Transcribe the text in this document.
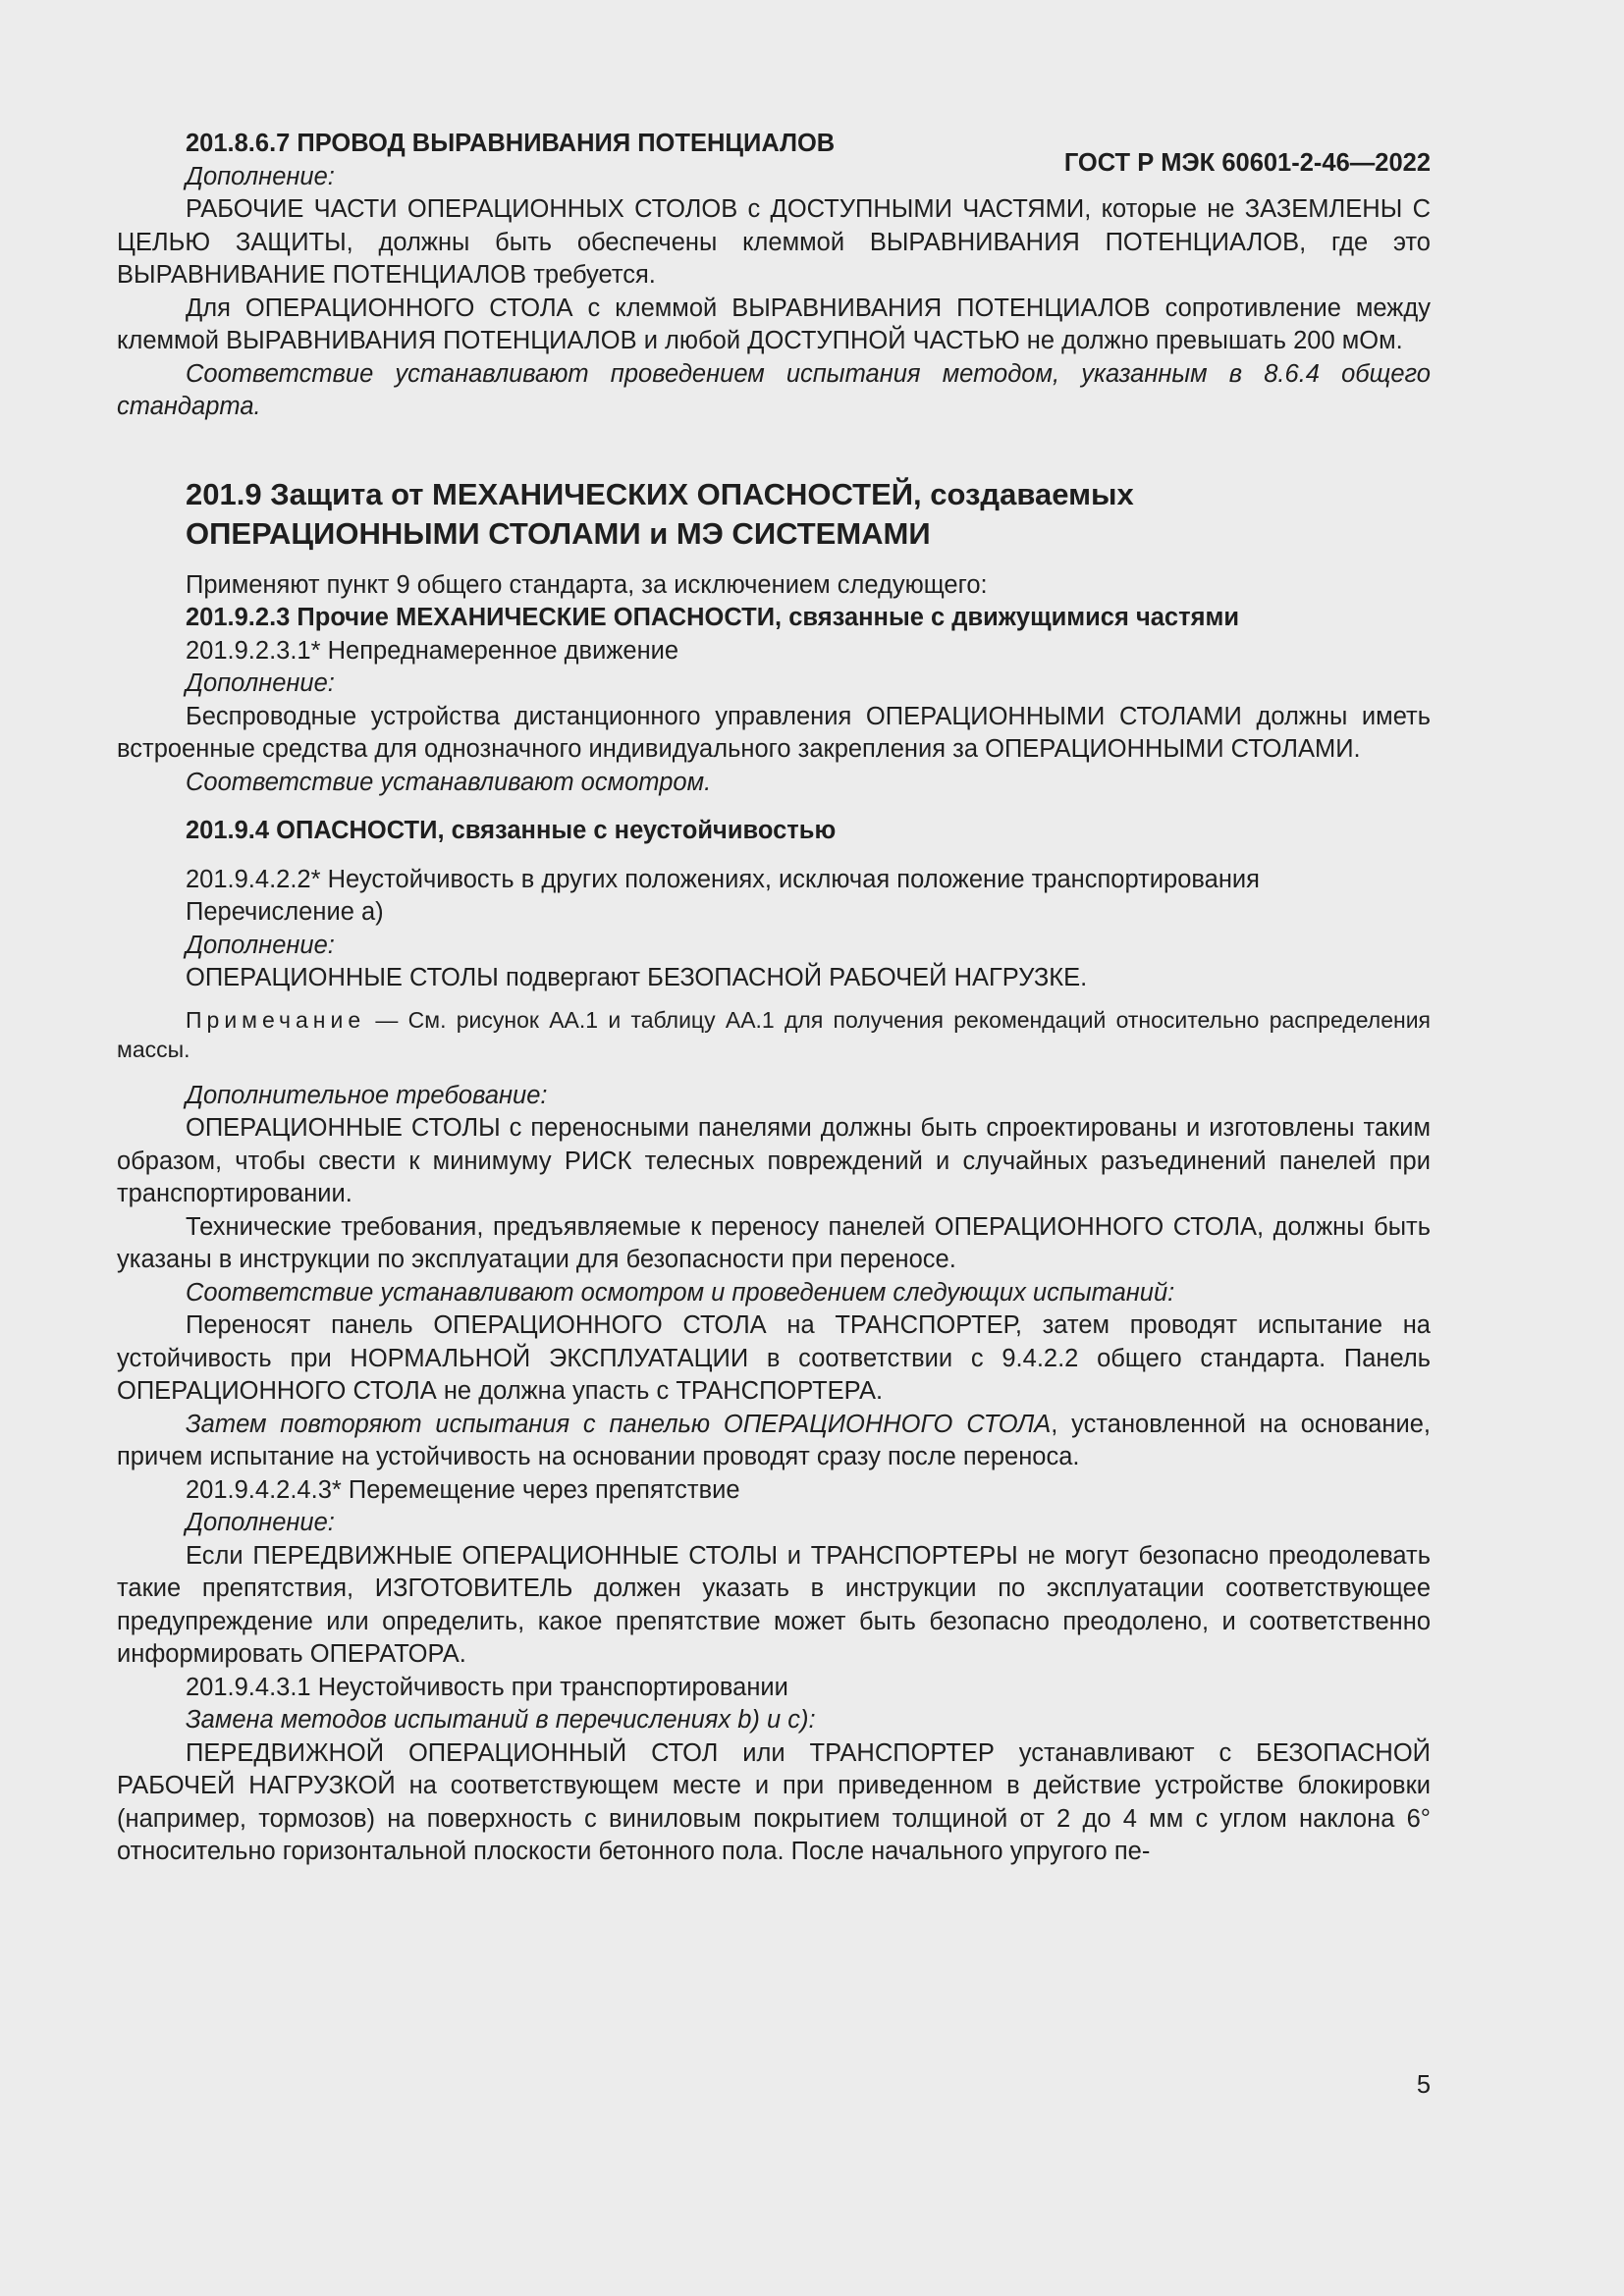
ГОСТ Р МЭК 60601-2-46—2022

201.8.6.7 ПРОВОД ВЫРАВНИВАНИЯ ПОТЕНЦИАЛОВ

Дополнение:

РАБОЧИЕ ЧАСТИ ОПЕРАЦИОННЫХ СТОЛОВ с ДОСТУПНЫМИ ЧАСТЯМИ, которые не ЗАЗЕМЛЕНЫ С ЦЕЛЬЮ ЗАЩИТЫ, должны быть обеспечены клеммой ВЫРАВНИВАНИЯ ПОТЕНЦИАЛОВ, где это ВЫРАВНИВАНИЕ ПОТЕНЦИАЛОВ требуется.

Для ОПЕРАЦИОННОГО СТОЛА с клеммой ВЫРАВНИВАНИЯ ПОТЕНЦИАЛОВ сопротивление между клеммой ВЫРАВНИВАНИЯ ПОТЕНЦИАЛОВ и любой ДОСТУПНОЙ ЧАСТЬЮ не должно превышать 200 мОм.

Соответствие устанавливают проведением испытания методом, указанным в 8.6.4 общего стандарта.

201.9 Защита от МЕХАНИЧЕСКИХ ОПАСНОСТЕЙ, создаваемых

ОПЕРАЦИОННЫМИ СТОЛАМИ и МЭ СИСТЕМАМИ

Применяют пункт 9 общего стандарта, за исключением следующего:

201.9.2.3 Прочие МЕХАНИЧЕСКИЕ ОПАСНОСТИ, связанные с движущимися частями

201.9.2.3.1* Непреднамеренное движение

Дополнение:

Беспроводные устройства дистанционного управления ОПЕРАЦИОННЫМИ СТОЛАМИ должны иметь встроенные средства для однозначного индивидуального закрепления за ОПЕРАЦИОННЫМИ СТОЛАМИ.

Соответствие устанавливают осмотром.

201.9.4 ОПАСНОСТИ, связанные с неустойчивостью

201.9.4.2.2* Неустойчивость в других положениях, исключая положение транспортирования

Перечисление а)

Дополнение:

ОПЕРАЦИОННЫЕ СТОЛЫ подвергают БЕЗОПАСНОЙ РАБОЧЕЙ НАГРУЗКЕ.

Примечание — См. рисунок АА.1 и таблицу АА.1 для получения рекомендаций относительно распределения массы.

Дополнительное требование:

ОПЕРАЦИОННЫЕ СТОЛЫ с переносными панелями должны быть спроектированы и изготовлены таким образом, чтобы свести к минимуму РИСК телесных повреждений и случайных разъединений панелей при транспортировании.

Технические требования, предъявляемые к переносу панелей ОПЕРАЦИОННОГО СТОЛА, должны быть указаны в инструкции по эксплуатации для безопасности при переносе.

Соответствие устанавливают осмотром и проведением следующих испытаний:

Переносят панель ОПЕРАЦИОННОГО СТОЛА на ТРАНСПОРТЕР, затем проводят испытание на устойчивость при НОРМАЛЬНОЙ ЭКСПЛУАТАЦИИ в соответствии с 9.4.2.2 общего стандарта. Панель ОПЕРАЦИОННОГО СТОЛА не должна упасть с ТРАНСПОРТЕРА.

Затем повторяют испытания с панелью ОПЕРАЦИОННОГО СТОЛА, установленной на основание, причем испытание на устойчивость на основании проводят сразу после переноса.

201.9.4.2.4.3* Перемещение через препятствие

Дополнение:

Если ПЕРЕДВИЖНЫЕ ОПЕРАЦИОННЫЕ СТОЛЫ и ТРАНСПОРТЕРЫ не могут безопасно преодолевать такие препятствия, ИЗГОТОВИТЕЛЬ должен указать в инструкции по эксплуатации соответствующее предупреждение или определить, какое препятствие может быть безопасно преодолено, и соответственно информировать ОПЕРАТОРА.

201.9.4.3.1 Неустойчивость при транспортировании

Замена методов испытаний в перечислениях b) и с):

ПЕРЕДВИЖНОЙ ОПЕРАЦИОННЫЙ СТОЛ или ТРАНСПОРТЕР устанавливают с БЕЗОПАСНОЙ РАБОЧЕЙ НАГРУЗКОЙ на соответствующем месте и при приведенном в действие устройстве блокировки (например, тормозов) на поверхность с виниловым покрытием толщиной от 2 до 4 мм с углом наклона 6° относительно горизонтальной плоскости бетонного пола. После начального упругого пе-

5
